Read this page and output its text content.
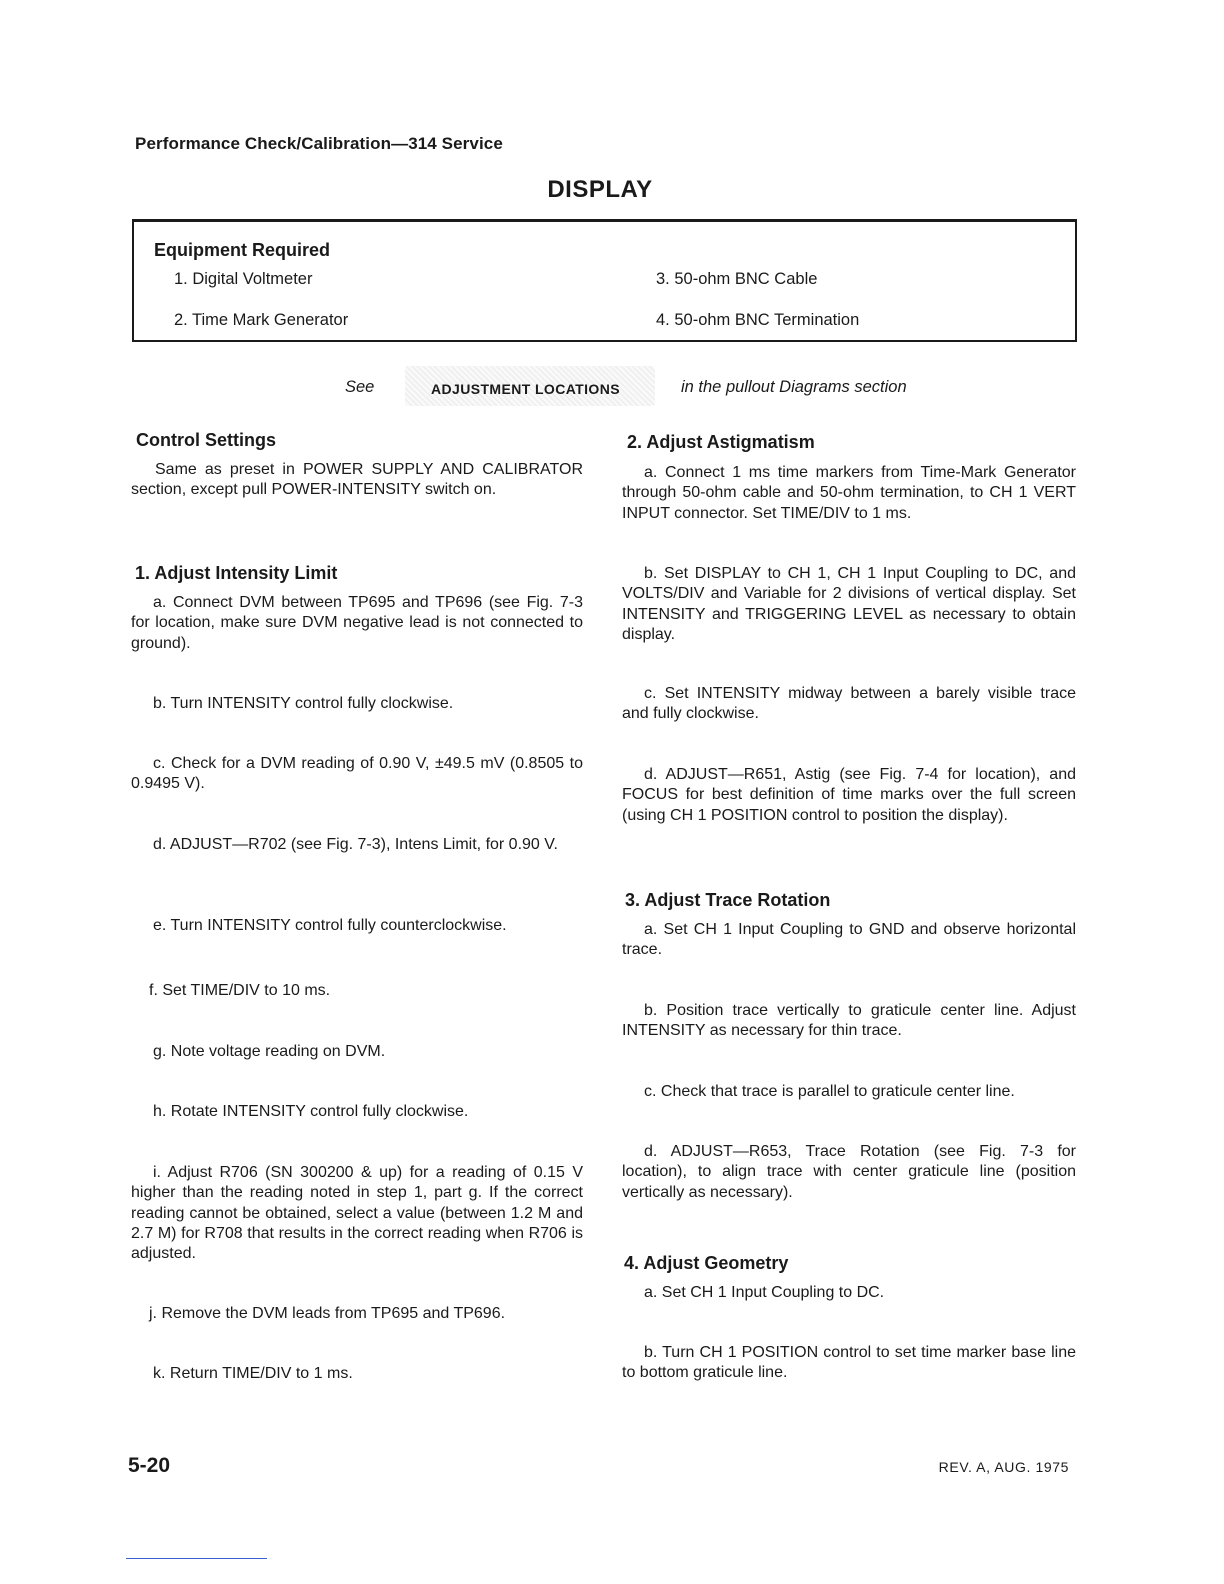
Performance Check/Calibration—314 Service
DISPLAY
Equipment Required
1. Digital Voltmeter
2. Time Mark Generator
3. 50-ohm BNC Cable
4. 50-ohm BNC Termination
See	ADJUSTMENT LOCATIONS	in the pullout Diagrams section
Control Settings
Same as preset in POWER SUPPLY AND CALIBRATOR section, except pull POWER-INTENSITY switch on.
1. Adjust Intensity Limit
a. Connect DVM between TP695 and TP696 (see Fig. 7-3 for location, make sure DVM negative lead is not connected to ground).
b. Turn INTENSITY control fully clockwise.
c. Check for a DVM reading of 0.90 V, ±49.5 mV (0.8505 to 0.9495 V).
d. ADJUST—R702 (see Fig. 7-3), Intens Limit, for 0.90 V.
e. Turn INTENSITY control fully counterclockwise.
f. Set TIME/DIV to 10 ms.
g. Note voltage reading on DVM.
h. Rotate INTENSITY control fully clockwise.
i. Adjust R706 (SN 300200 & up) for a reading of 0.15 V higher than the reading noted in step 1, part g. If the correct reading cannot be obtained, select a value (between 1.2 M and 2.7 M) for R708 that results in the correct reading when R706 is adjusted.
j. Remove the DVM leads from TP695 and TP696.
k. Return TIME/DIV to 1 ms.
2. Adjust Astigmatism
a. Connect 1 ms time markers from Time-Mark Generator through 50-ohm cable and 50-ohm termination, to CH 1 VERT INPUT connector. Set TIME/DIV to 1 ms.
b. Set DISPLAY to CH 1, CH 1 Input Coupling to DC, and VOLTS/DIV and Variable for 2 divisions of vertical display. Set INTENSITY and TRIGGERING LEVEL as necessary to obtain display.
c. Set INTENSITY midway between a barely visible trace and fully clockwise.
d. ADJUST—R651, Astig (see Fig. 7-4 for location), and FOCUS for best definition of time marks over the full screen (using CH 1 POSITION control to position the display).
3. Adjust Trace Rotation
a. Set CH 1 Input Coupling to GND and observe horizontal trace.
b. Position trace vertically to graticule center line. Adjust INTENSITY as necessary for thin trace.
c. Check that trace is parallel to graticule center line.
d. ADJUST—R653, Trace Rotation (see Fig. 7-3 for location), to align trace with center graticule line (position vertically as necessary).
4. Adjust Geometry
a. Set CH 1 Input Coupling to DC.
b. Turn CH 1 POSITION control to set time marker base line to bottom graticule line.
5-20	REV. A, AUG. 1975
